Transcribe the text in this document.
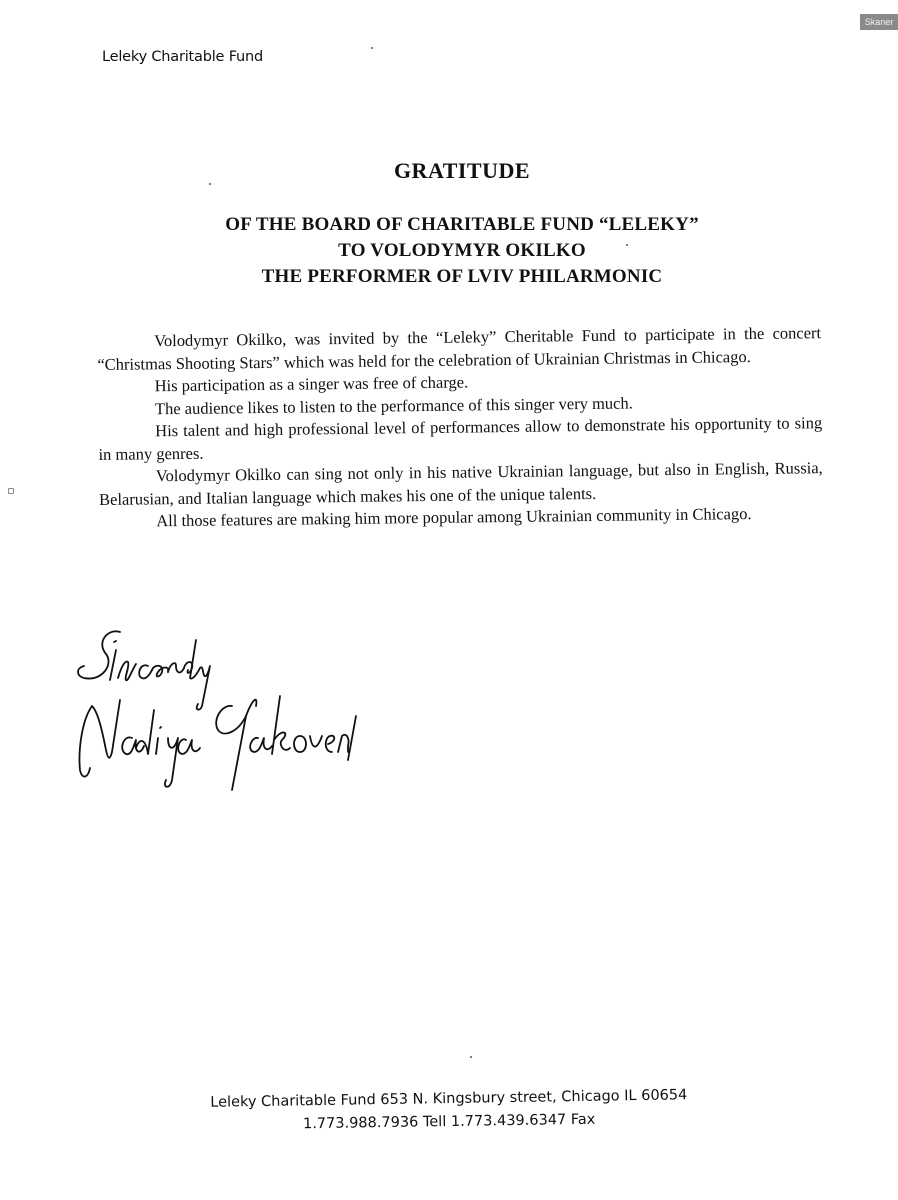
Skaner
Leleky Charitable Fund
GRATITUDE
OF THE BOARD OF CHARITABLE FUND “LELEKY”
TO VOLODYMYR OKILKO
THE PERFORMER OF LVIV PHILARMONIC

Volodymyr Okilko, was invited by the “Leleky” Cheritable Fund to participate in the concert “Christmas Shooting Stars” which was held for the celebration of Ukrainian Christmas in Chicago.

His participation as a singer was free of charge.

The audience likes to listen to the performance of this singer very much.

His talent and high professional level of performances allow to demonstrate his opportunity to sing in many genres.

Volodymyr Okilko can sing not only in his native Ukrainian language, but also in English, Russia, Belarusian, and Italian language which makes his one of the unique talents.

All those features are making him more popular among Ukrainian community in Chicago.

Leleky Charitable Fund 653 N. Kingsbury street, Chicago IL 60654
1.773.988.7936 Tell 1.773.439.6347 Fax
